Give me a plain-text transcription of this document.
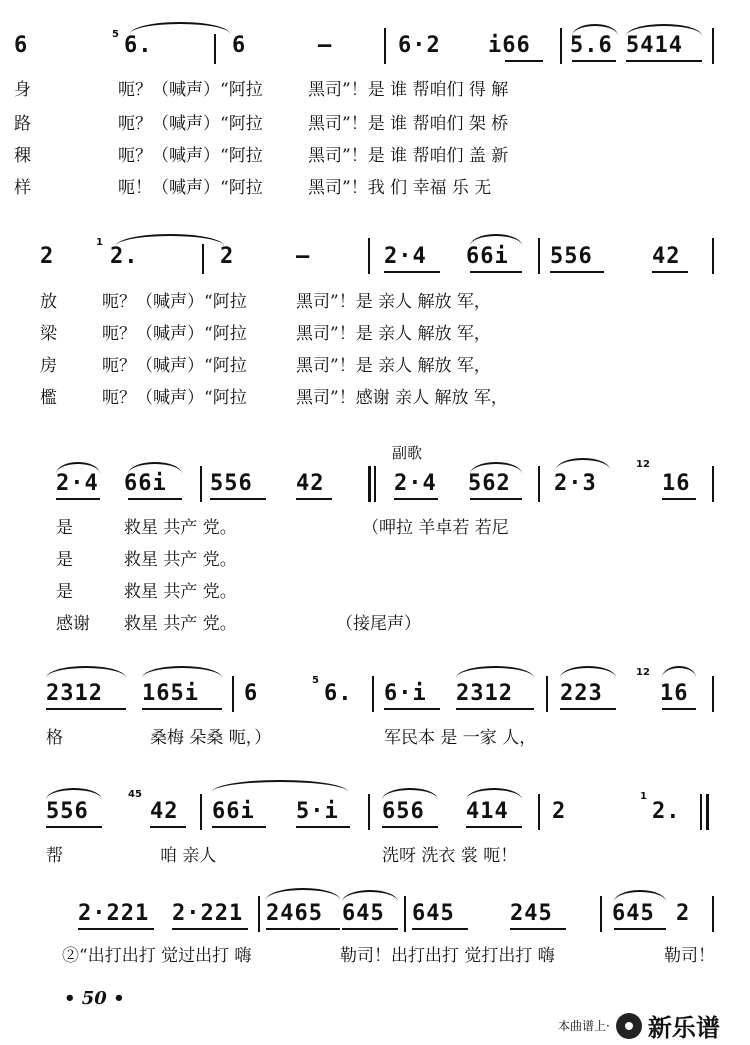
6	5 6.	6	—	6·2 i66 5.6 5414
身	呃？（喊声）“阿拉	黑司”！是 谁 帮咱们 得 解
路	呃？（喊声）“阿拉	黑司”！是 谁 帮咱们 架 桥
稞	呃？（喊声）“阿拉	黑司”！是 谁 帮咱们 盖 新
样	呃！（喊声）“阿拉	黑司”！我 们 幸福 乐 无
2
1
2.	2	—	2·4 66i 556	42
放	呃？（喊声）“阿拉	黑司”！是 亲人 解放 军，
梁	呃？（喊声）“阿拉	黑司”！是 亲人 解放 军，
房	呃？（喊声）“阿拉	黑司”！是 亲人 解放 军，
檻	呃？（喊声）“阿拉	黑司”！感谢 亲人 解放 军，
副歌
2·4 66i 556 42	2·4 562 2·3
12
16
是	救星 共产 党。	（呷拉 羊卓若 若尼
是	救星 共产 党。
是	救星 共产 党。
感谢 救星 共产 党。	（接尾声）
2312 165i 6
5
6. 6·i 2312 223
12
16
格	桑梅 朵桑 呃，）	军民本 是 一家 人，
556
45
42 66i 5·i 656 414 2
1
2.
帮	咱 亲人	洗呀 洗衣 裳 呃！
2·221 2·221 2465 645 645	245	645 2
②“出打出打 觉过出打 嗨	勒司！出打出打 觉打出打 嗨	勒司！
• 50 •
本曲谱上· 新乐谱
